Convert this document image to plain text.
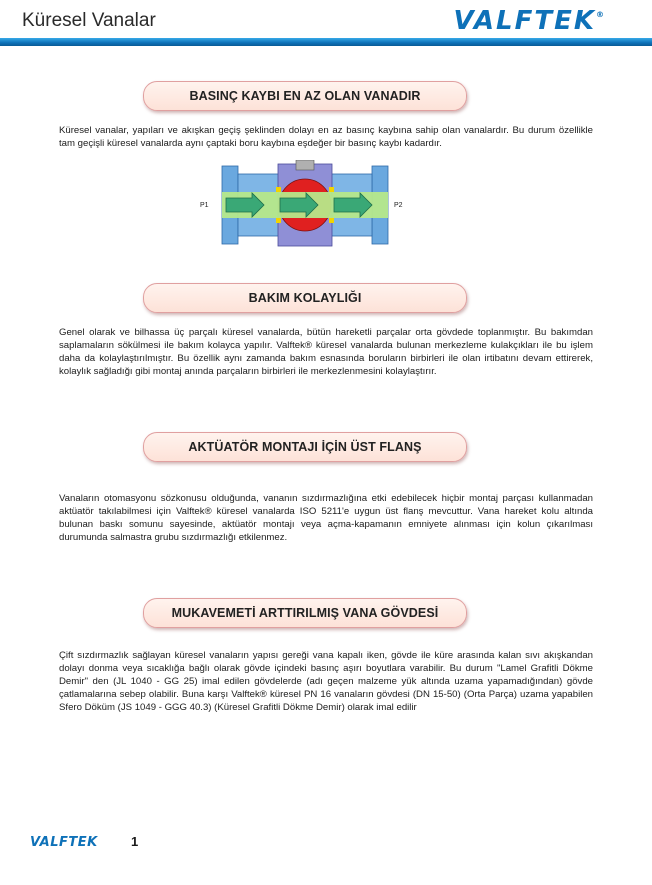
Küresel Vanalar	VALFTEK ®
BASINÇ KAYBI EN AZ OLAN VANADIR
Küresel vanalar, yapıları ve akışkan geçiş şeklinden dolayı en az basınç kaybına sahip olan vanalardır. Bu durum özellikle tam geçişli küresel vanalarda aynı çaptaki boru kaybına eşdeğer bir basınç kaybı kadardır.
P1	P2
BAKIM KOLAYLIĞI
Genel olarak ve bilhassa üç parçalı küresel vanalarda, bütün hareketli parçalar orta gövdede toplanmıştır. Bu bakımdan saplamaların sökülmesi ile bakım kolayca yapılır. Valftek® küresel vanalarda bulunan merkezleme kulakçıkları ile bu işlem daha da kolaylaştırılmıştır. Bu özellik aynı zamanda bakım esnasında boruların birbirleri ile olan irtibatını devam ettirerek, kolaylık sağladığı gibi montaj anında parçaların birbirleri ile merkezlenmesini kolaylaştırır.
AKTÜATÖR MONTAJI İÇİN ÜST FLANŞ
Vanaların otomasyonu sözkonusu olduğunda, vananın sızdırmazlığına etki edebilecek hiçbir montaj parçası kullanmadan aktüatör takılabilmesi için Valftek® küresel vanalarda ISO 5211'e uygun üst flanş mevcuttur. Vana hareket kolu altında bulunan baskı somunu sayesinde, aktüatör montajı veya açma-kapamanın emniyete alınması için kolun çıkarılması durumunda salmastra grubu sızdırmazlığı etkilenmez.
MUKAVEMETİ ARTTIRILMIŞ VANA GÖVDESİ
Çift sızdırmazlık sağlayan küresel vanaların yapısı gereği vana kapalı iken, gövde ile küre arasında kalan sıvı akışkandan dolayı donma veya sıcaklığa bağlı olarak gövde içindeki basınç aşırı boyutlara varabilir. Bu durum "Lamel Grafitli Dökme Demir" den (JL 1040 - GG 25) imal edilen gövdelerde (adı geçen malzeme yük altında uzama yapamadığından) gövde çatlamalarına sebep olabilir. Buna karşı Valftek® küresel PN 16 vanaların gövdesi (DN 15-50) (Orta Parça) uzama yapabilen Sfero Döküm (JS 1049 - GGG 40.3) (Küresel Grafitli Dökme Demir) olarak imal edilir
VALFTEK	1
